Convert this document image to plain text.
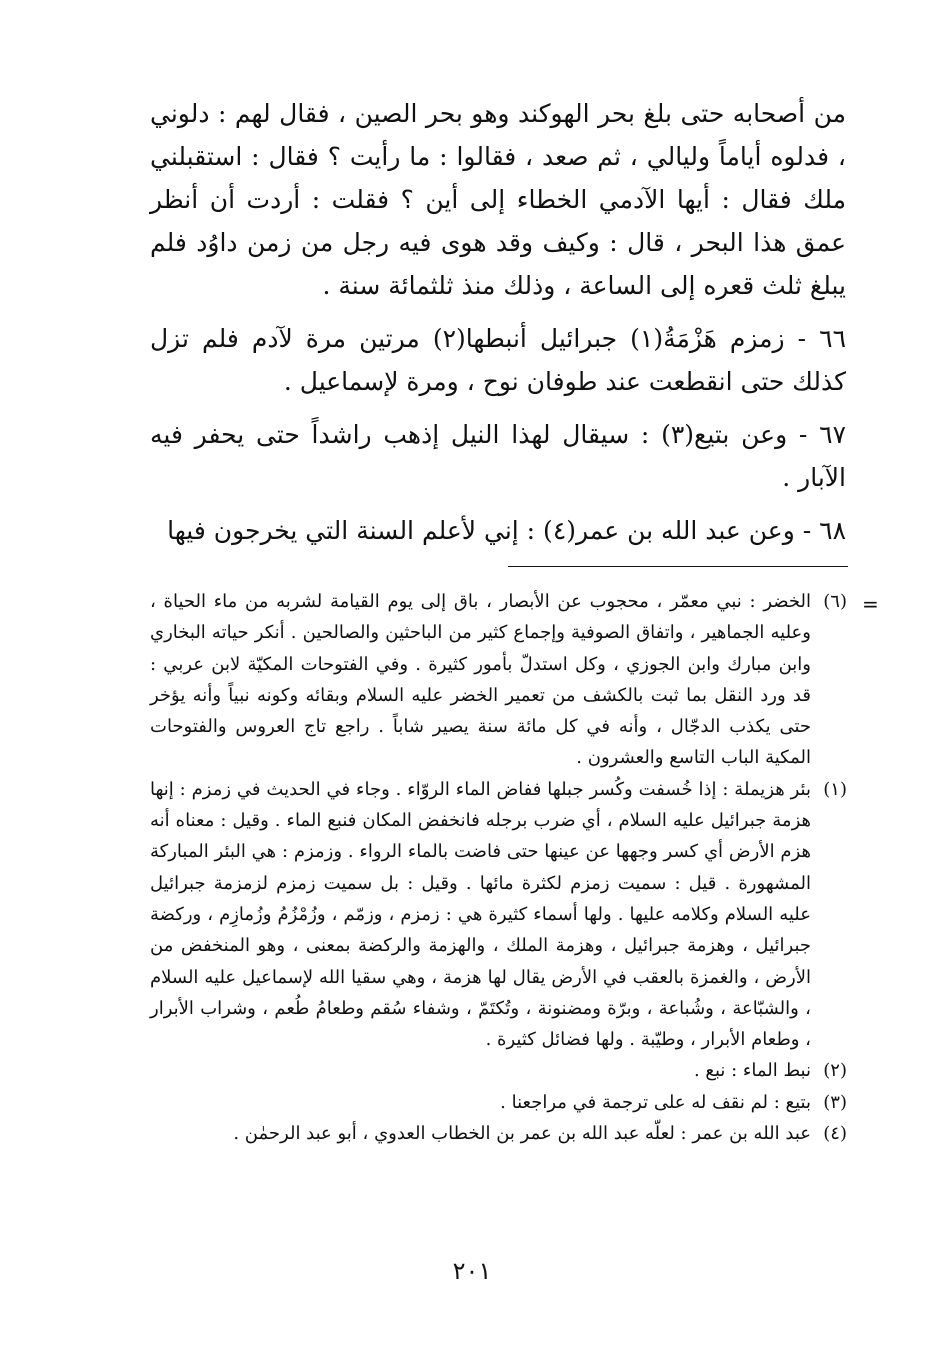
من أصحابه حتى بلغ بحر الهوكند وهو بحر الصين ، فقال لهم : دلوني ، فدلوه أياماً وليالي ، ثم صعد ، فقالوا : ما رأيت ؟ فقال : استقبلني ملك فقال : أيها الآدمي الخطاء إلى أين ؟ فقلت : أردت أن أنظر عمق هذا البحر ، قال : وكيف وقد هوى فيه رجل من زمن داوُد فلم يبلغ ثلث قعره إلى الساعة ، وذلك منذ ثلثمائة سنة .

٦٦ - زمزم هَزْمَةُ(١) جبرائيل أنبطها(٢) مرتين مرة لآدم فلم تزل كذلك حتى انقطعت عند طوفان نوح ، ومرة لإسماعيل .

٦٧ - وعن بتيع(٣) : سيقال لهذا النيل إذهب راشداً حتى يحفر فيه الآبار .

٦٨ - وعن عبد الله بن عمر(٤) : إني لأعلم السنة التي يخرجون فيها

=
(٦)
الخضر : نبي معمّر ، محجوب عن الأبصار ، باق إلى يوم القيامة لشربه من ماء الحياة ، وعليه الجماهير ، واتفاق الصوفية وإجماع كثير من الباحثين والصالحين . أنكر حياته البخاري وابن مبارك وابن الجوزي ، وكل استدلّ بأمور كثيرة . وفي الفتوحات المكيّة لابن عربي : قد ورد النقل بما ثبت بالكشف من تعمير الخضر عليه السلام وبقائه وكونه نبياً وأنه يؤخر حتى يكذب الدجّال ، وأنه في كل مائة سنة يصير شاباً . راجع تاج العروس والفتوحات المكية الباب التاسع والعشرون .
(١)
بئر هزيملة : إذا خُسفت وكُسر جبلها ففاض الماء الروّاء . وجاء في الحديث في زمزم : إنها هزمة جبرائيل عليه السلام ، أي ضرب برجله فانخفض المكان فنبع الماء . وقيل : معناه أنه هزم الأرض أي كسر وجهها عن عينها حتى فاضت بالماء الرواء . وزمزم : هي البئر المباركة المشهورة . قيل : سميت زمزم لكثرة مائها . وقيل : بل سميت زمزم لزمزمة جبرائيل عليه السلام وكلامه عليها . ولها أسماء كثيرة هي : زمزم ، وزمّم ، وزُمْزُمُ وزُمازِم ، وركضة جبرائيل ، وهزمة جبرائيل ، وهزمة الملك ، والهزمة والركضة بمعنى ، وهو المنخفض من الأرض ، والغمزة بالعقب في الأرض يقال لها هزمة ، وهي سقيا الله لإسماعيل عليه السلام ، والشبّاعة ، وشُباعة ، وبرّة ومضنونة ، وتُكتَمّ ، وشفاء سُقم وطعامُ طُعم ، وشراب الأبرار ، وطعام الأبرار ، وطيّبة . ولها فضائل كثيرة .
(٢)
نبط الماء : نبع .
(٣)
بتيع : لم نقف له على ترجمة في مراجعنا .
(٤)
عبد الله بن عمر : لعلّه عبد الله بن عمر بن الخطاب العدوي ، أبو عبد الرحمٰن .
٢٠١
